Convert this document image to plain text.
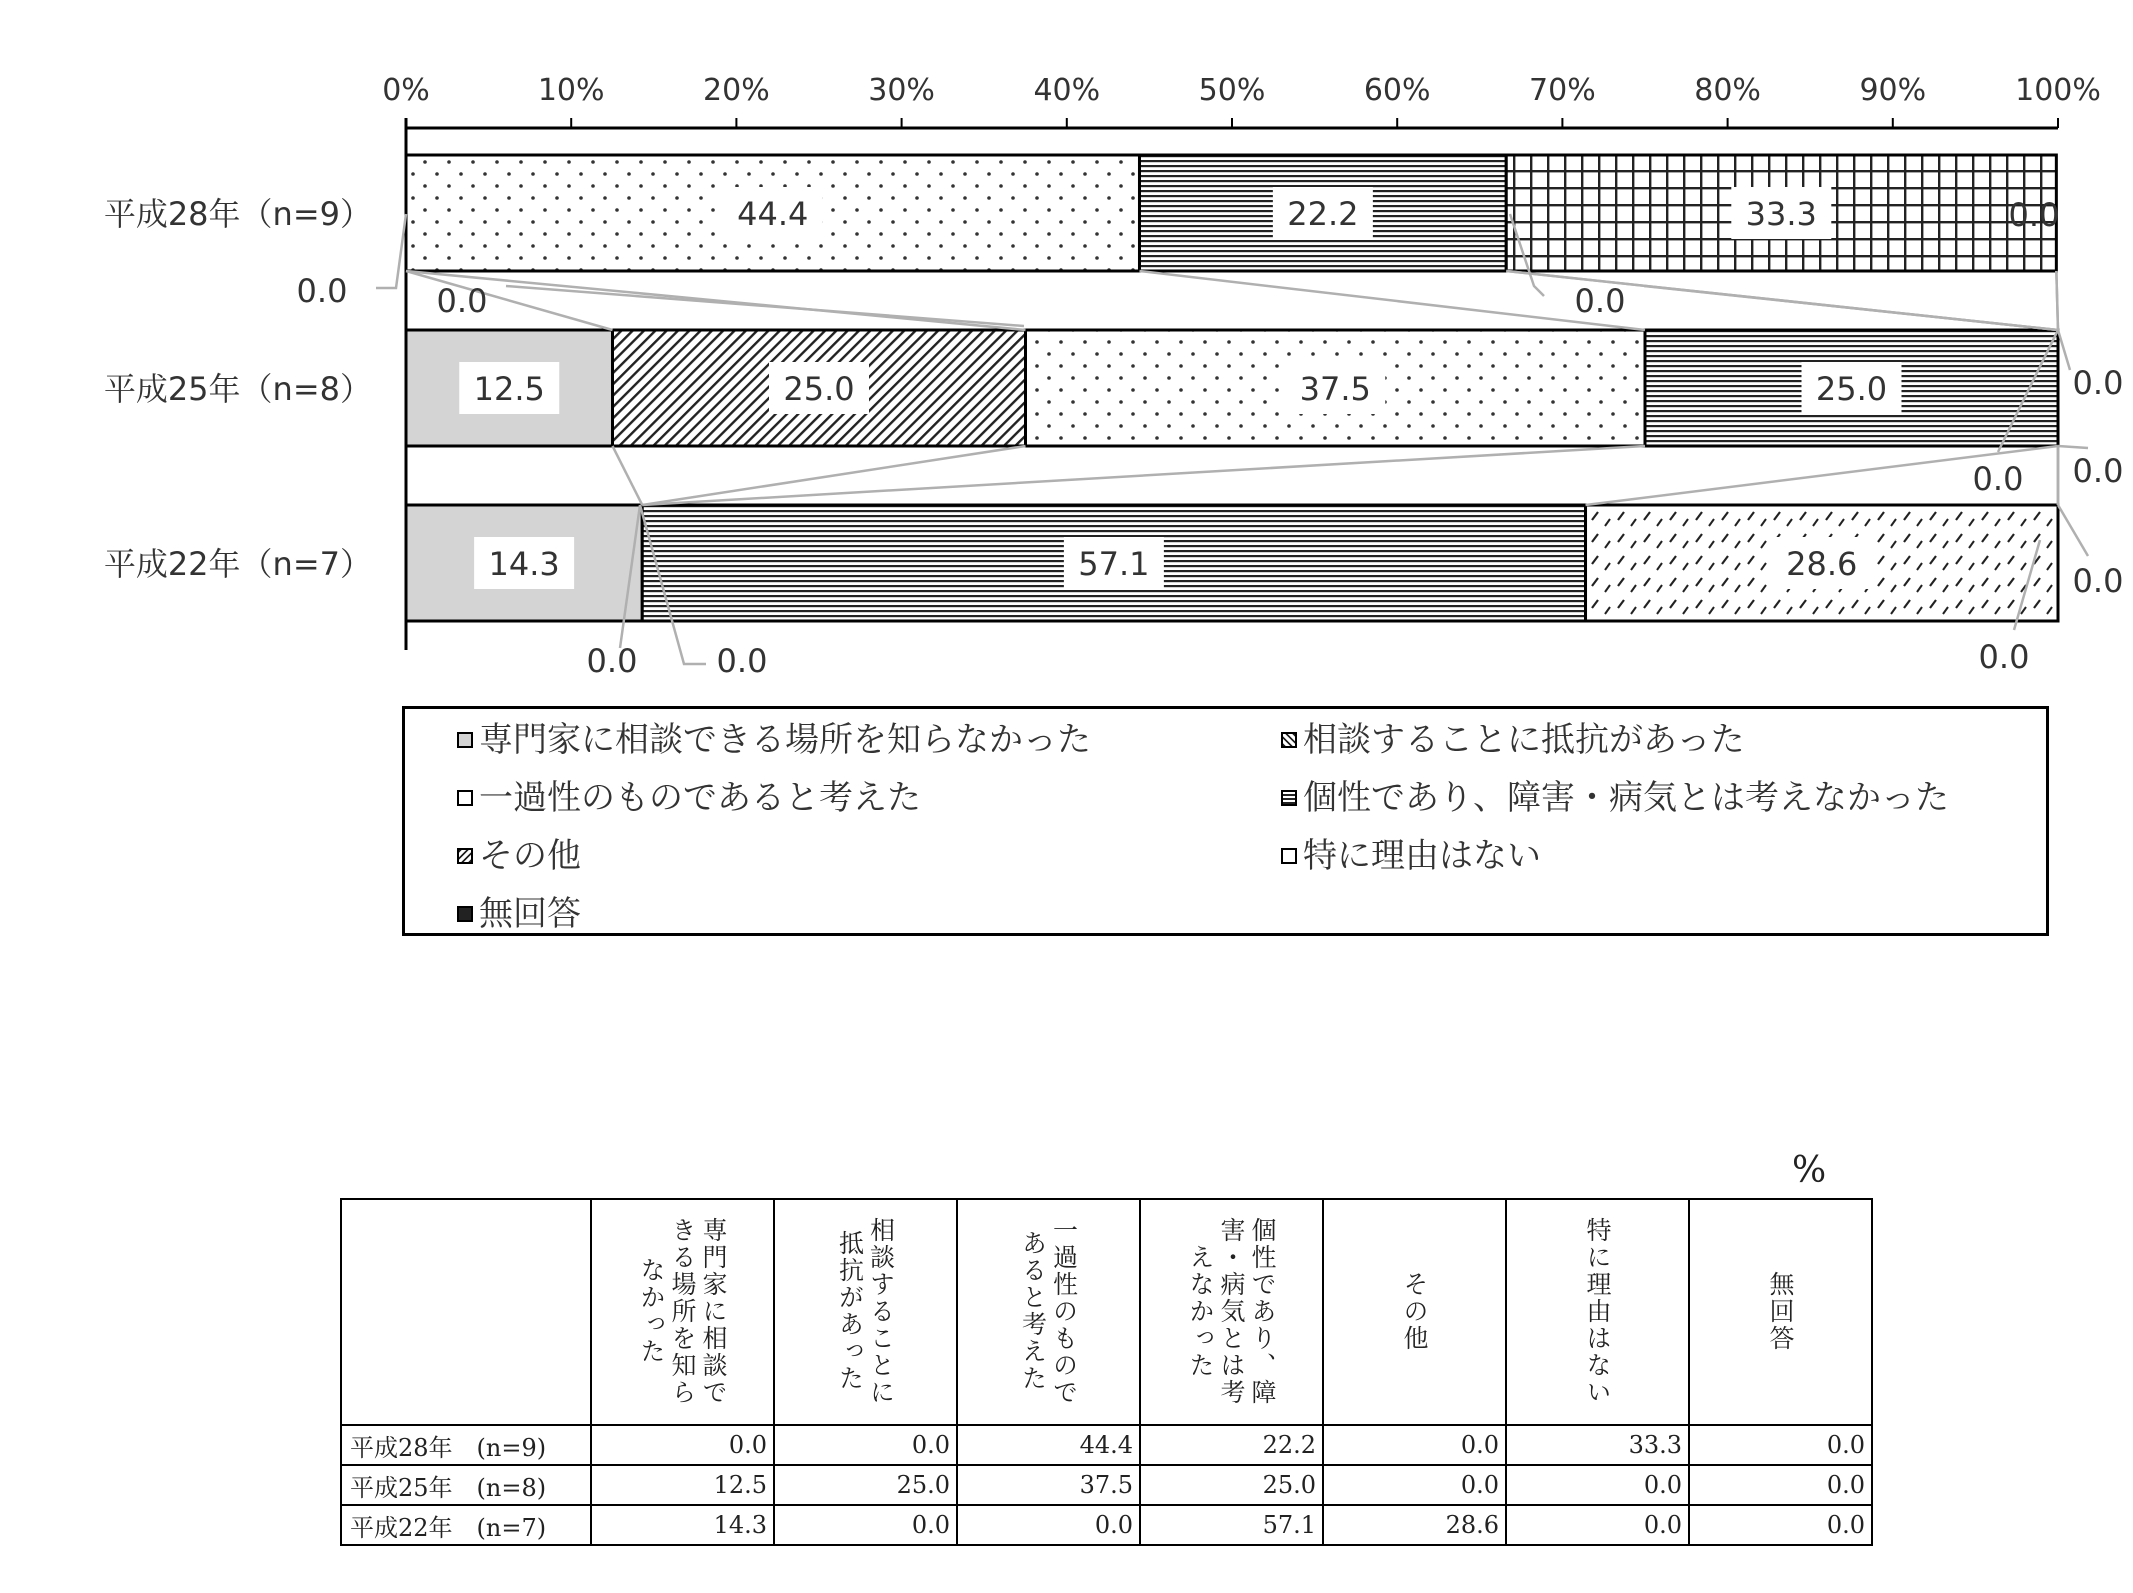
0%	10%	20%	30%	40%	50%	60%	70%	80%	90%	100%
平成28年（n=9）
平成25年（n=8）
平成22年（n=7）
44.4	22.2	33.3
12.5	25.0	37.5	25.0
14.3	57.1	28.6
0.0	0.0	0.0
0.0
0.0
0.0 0.0
0.0
0.0
0.0 0.0
専門家に相談できる場所を知らなかった	相談することに抵抗があった
一過性のものであると考えた	個性であり、障害・病気とは考えなかった
その他	特に理由はない
無回答
%

	専門家に相談できる場所を知らなかった	相談することに抵抗があった	一過性のものであると考えた	個性であり、障害・病気とは考えなかった	その他	特に理由はない	無回答

平成28年　(n=9)	0.0	0.0	44.4	22.2	0.0	33.3	0.0
平成25年　(n=8)	12.5	25.0	37.5	25.0	0.0	0.0	0.0
平成22年　(n=7)	14.3	0.0	0.0	57.1	28.6	0.0	0.0
